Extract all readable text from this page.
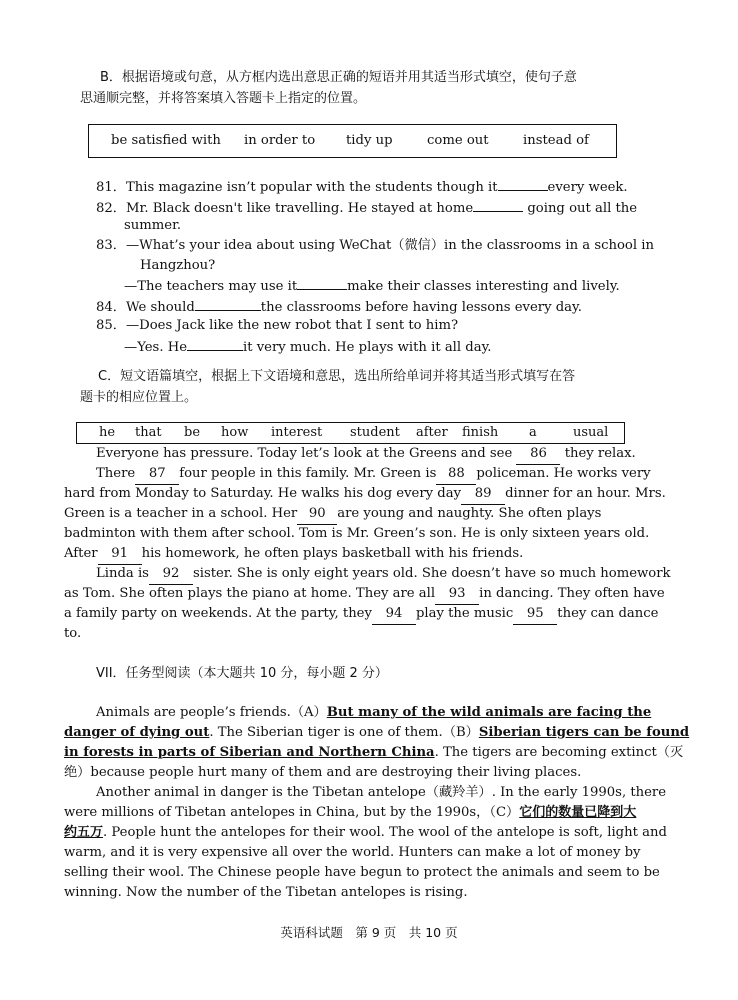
B．根据语境或句意，从方框内选出意思正确的短语并用其适当形式填空，使句子意
思通顺完整，并将答案填入答题卡上指定的位置。
be satisfied with in order to tidy up	come out	instead of
81．This magazine isn’t popular with the students though it	every week.
82．Mr. Black doesn't like travelling. He stayed at home	going out all the
summer.
83．—What’s your idea about using WeChat（微信）in the classrooms in a school in
Hangzhou?
—The teachers may use it	make their classes interesting and lively.
84．We should	the classrooms before having lessons every day.
85．—Does Jack like the new robot that I sent to him?
—Yes. He	it very much. He plays with it all day.
C．短文语篇填空，根据上下文语境和意思，选出所给单词并将其适当形式填写在答
题卡的相应位置上。
he that be how interest student after finish a	usual
Everyone has pressure. Today let’s look at the Greens and see 86 they relax.
There 87 four people in this family. Mr. Green is 88 policeman. He works very
hard from Monday to Saturday. He walks his dog every day 89 dinner for an hour. Mrs.
Green is a teacher in a school. Her 90 are young and naughty. She often plays
badminton with them after school. Tom is Mr. Green’s son. He is only sixteen years old.
After 91 his homework, he often plays basketball with his friends.
Linda is 92 sister. She is only eight years old. She doesn’t have so much homework
as Tom. She often plays the piano at home. They are all 93 in dancing. They often have
a family party on weekends. At the party, they 94 play the music 95 they can dance
to.
VII．任务型阅读（本大题共 10 分，每小题 2 分）
Animals are people’s friends.（A）But many of the wild animals are facing the
danger of dying out. The Siberian tiger is one of them.（B）Siberian tigers can be found
in forests in parts of Siberian and Northern China. The tigers are becoming extinct（灭
绝）because people hurt many of them and are destroying their living places.
Another animal in danger is the Tibetan antelope（藏羚羊）. In the early 1990s, there
were millions of Tibetan antelopes in China, but by the 1990s，（C）它们的数量已降到大
约五万. People hunt the antelopes for their wool. The wool of the antelope is soft, light and
warm, and it is very expensive all over the world. Hunters can make a lot of money by
selling their wool. The Chinese people have begun to protect the animals and seem to be
winning. Now the number of the Tibetan antelopes is rising.
英语科试题　第 9 页　共 10 页
